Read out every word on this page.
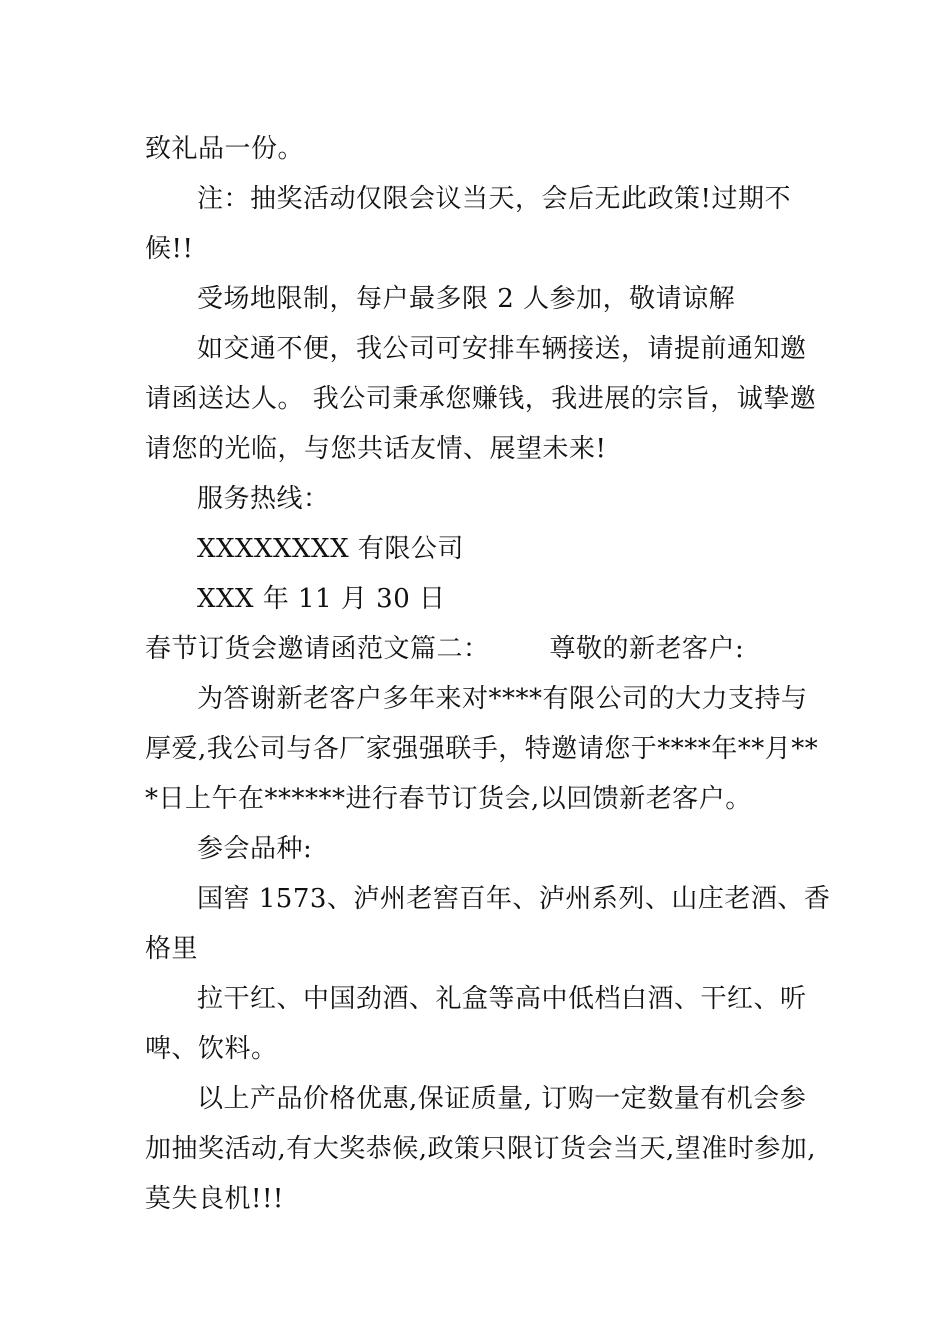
致礼品一份。
注：抽奖活动仅限会议当天，会后无此政策!过期不
候!!
受场地限制，每户最多限 2 人参加，敬请谅解
如交通不便，我公司可安排车辆接送，请提前通知邀
请函送达人。 我公司秉承您赚钱，我进展的宗旨，诚挚邀
请您的光临，与您共话友情、展望未来!
服务热线：
XXXXXXXX 有限公司
XXX 年 11 月 30 日
春节订货会邀请函范文篇二： 尊敬的新老客户:
为答谢新老客户多年来对****有限公司的大力支持与
厚爱,我公司与各厂家强强联手，特邀请您于****年**月**
*日上午在******进行春节订货会,以回馈新老客户。
参会品种:
国窖 1573、泸州老窖百年、泸州系列、山庄老酒、香
格里
拉干红、中国劲酒、礼盒等高中低档白酒、干红、听
啤、饮料。
以上产品价格优惠,保证质量, 订购一定数量有机会参
加抽奖活动,有大奖恭候,政策只限订货会当天,望准时参加,
莫失良机!!!
